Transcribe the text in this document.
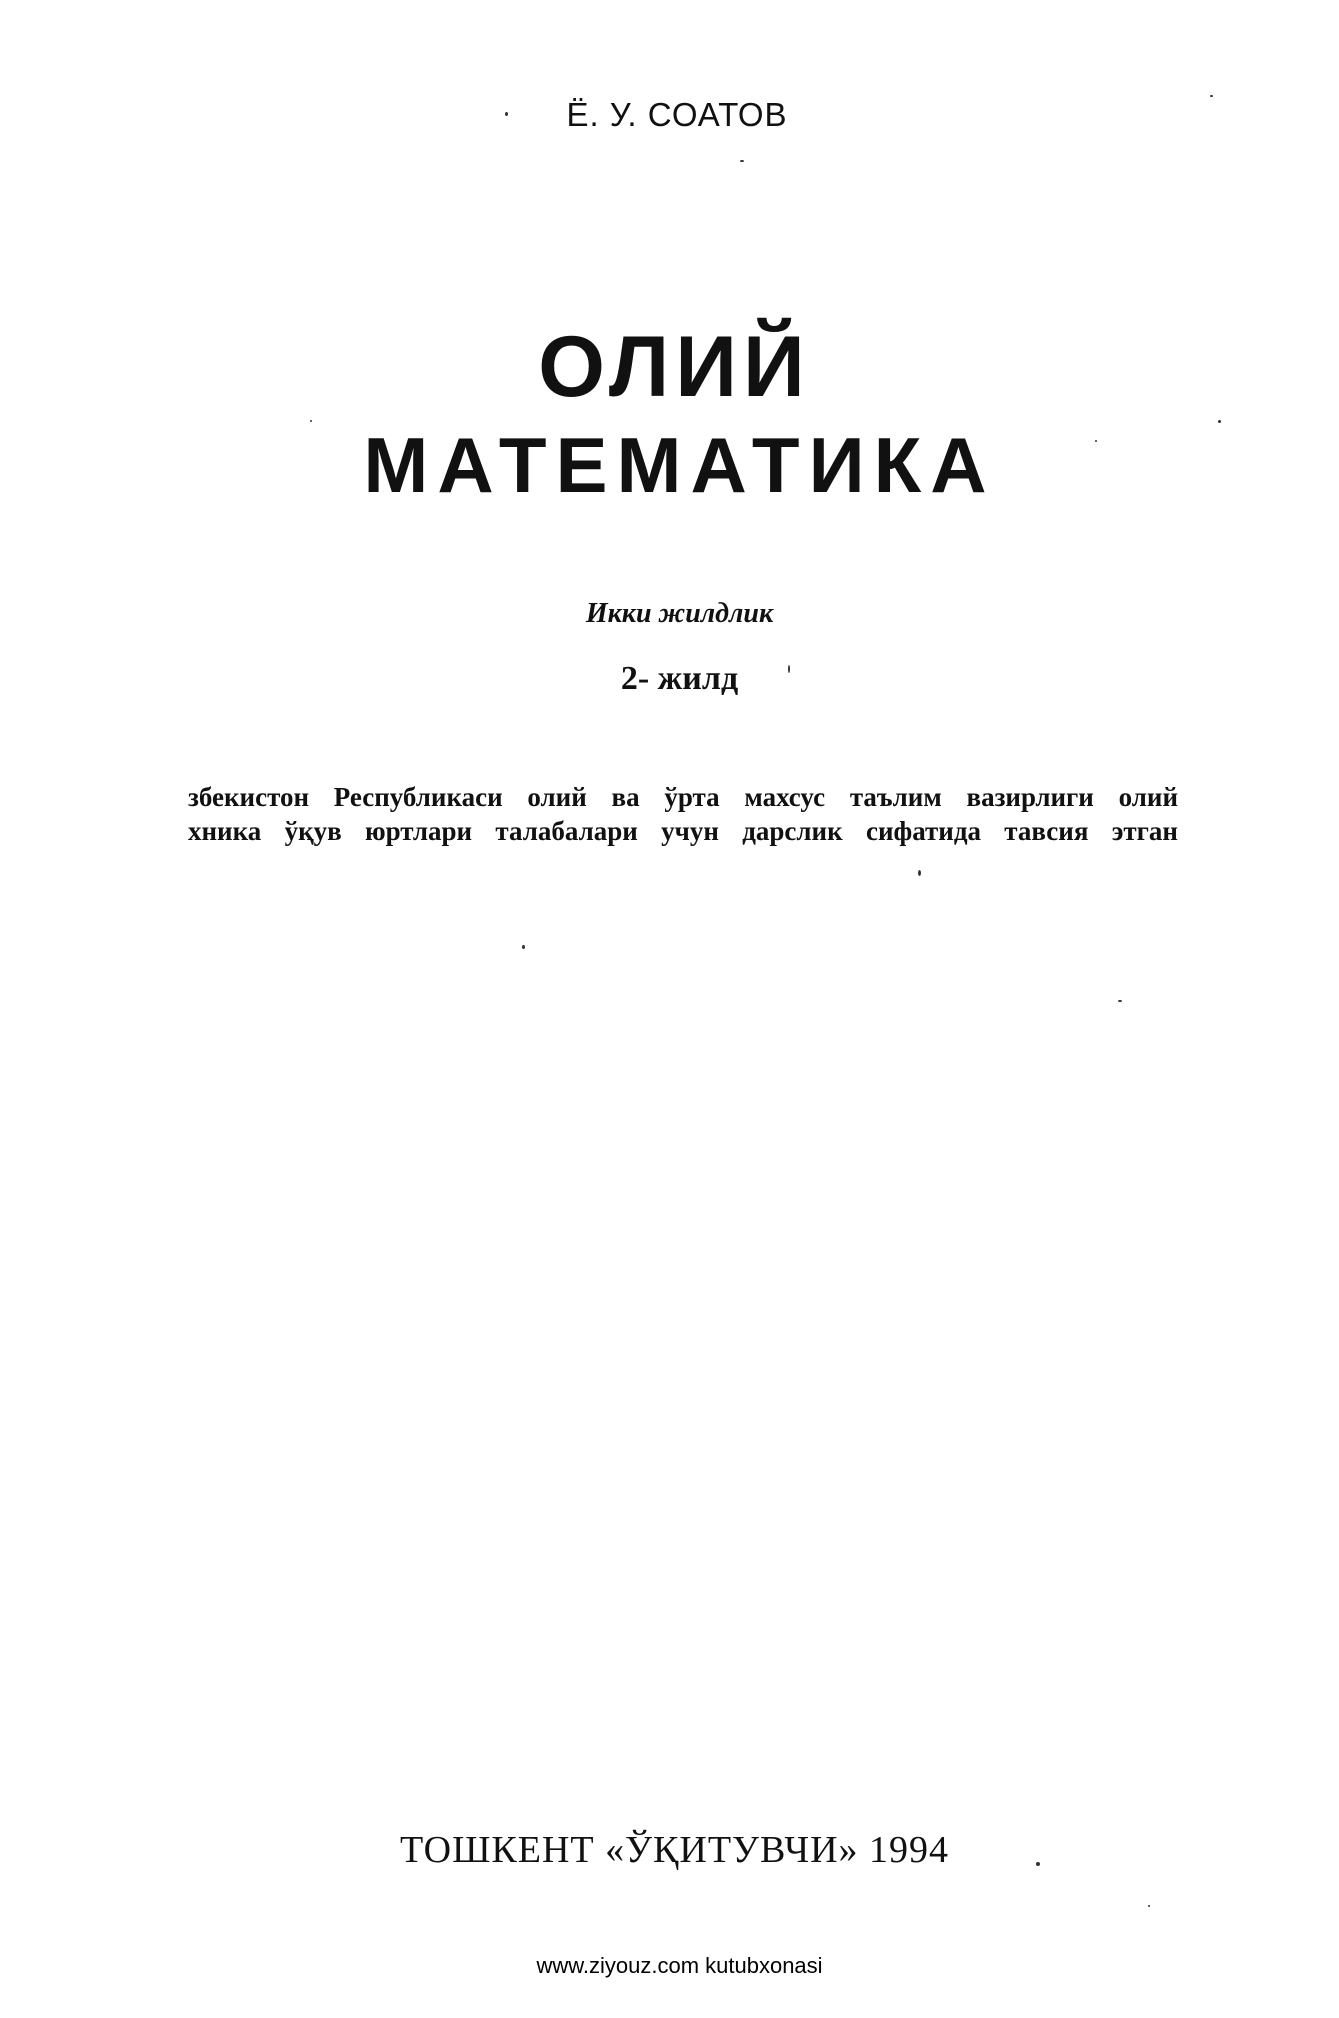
Ё. У. СОАТОВ
ОЛИЙ
МАТЕМАТИКА
Икки жилдлик
2- жилд
збекистон Республикаси олий ва ўрта махсус таълим вазирлиги олий
хника ўқув юртлари талабалари учун дарслик сифатида тавсия этган
ТОШКЕНТ «ЎҚИТУВЧИ» 1994
www.ziyouz.com kutubxonasi
